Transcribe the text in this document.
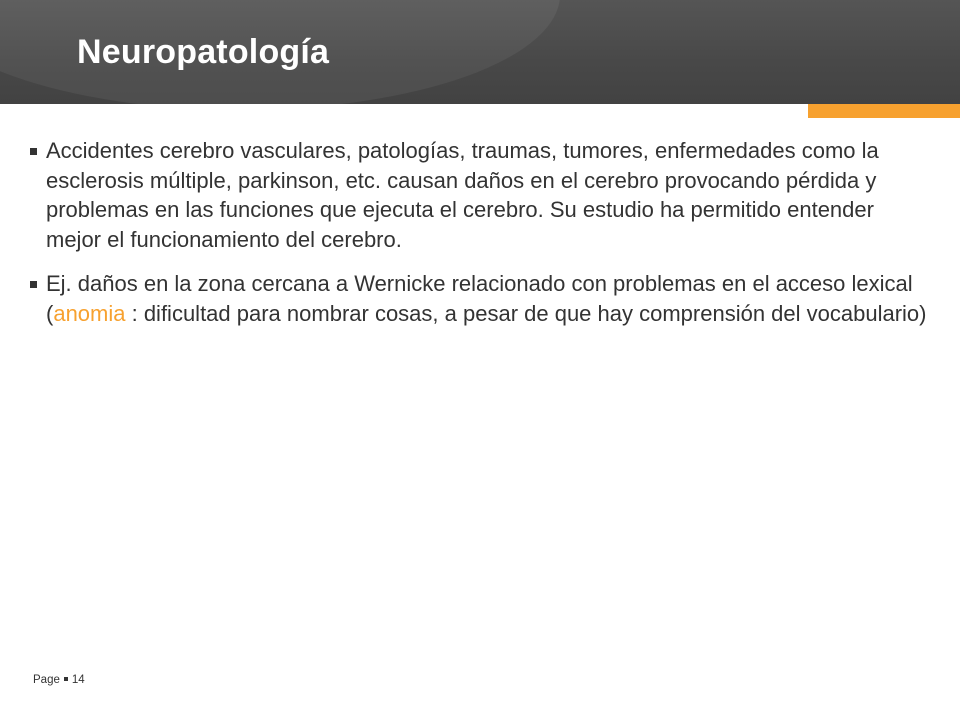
Neuropatología

Accidentes cerebro vasculares, patologías, traumas, tumores, enfermedades como la esclerosis múltiple, parkinson, etc. causan daños en el cerebro provocando pérdida y problemas en las funciones que ejecuta el cerebro. Su estudio ha permitido entender mejor el funcionamiento del cerebro.

Ej. daños en la zona cercana a Wernicke relacionado con problemas en el acceso lexical (anomia : dificultad para nombrar cosas, a pesar de que hay comprensión del vocabulario)

Page 14
